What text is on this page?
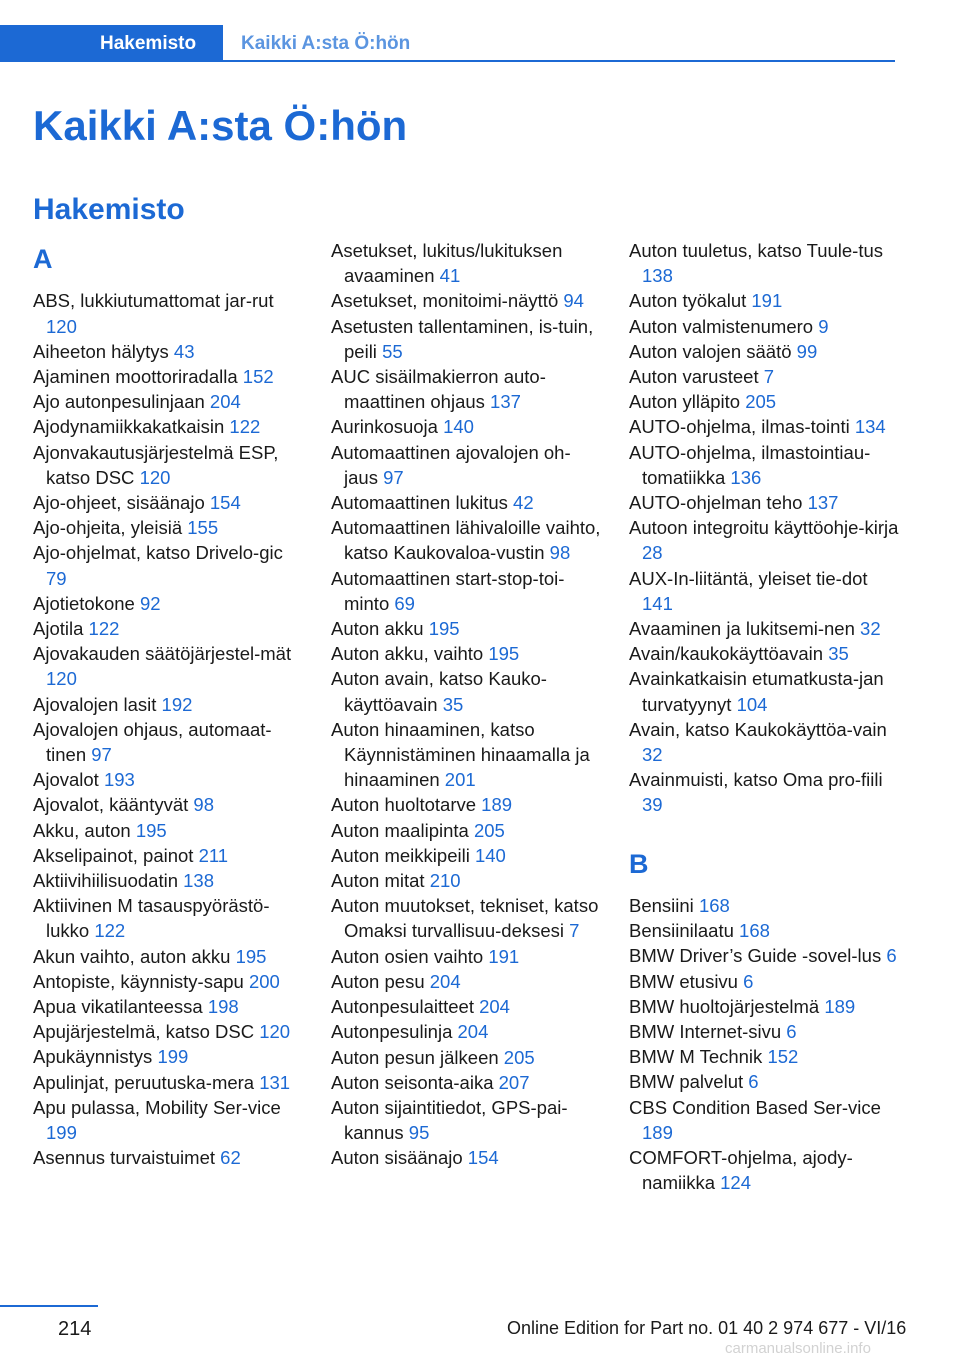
Hakemisto	Kaikki A:sta Ö:hön
Kaikki A:sta Ö:hön
Hakemisto
A
ABS, lukkiutumattomat jar-rut 120
Aiheeton hälytys 43
Ajaminen moottoriradalla 152
Ajo autonpesulinjaan 204
Ajodynamiikkakatkaisin 122
Ajonvakautusjärjestelmä ESP, katso DSC 120
Ajo-ohjeet, sisäänajo 154
Ajo-ohjeita, yleisiä 155
Ajo-ohjelmat, katso Drivelo-gic 79
Ajotietokone 92
Ajotila 122
Ajovakauden säätöjärjestel-mät 120
Ajovalojen lasit 192
Ajovalojen ohjaus, automaat-tinen 97
Ajovalot 193
Ajovalot, kääntyvät 98
Akku, auton 195
Akselipainot, painot 211
Aktiivihiilisuodatin 138
Aktiivinen M tasauspyörästö-lukko 122
Akun vaihto, auton akku 195
Antopiste, käynnisty-sapu 200
Apua vikatilanteessa 198
Apujärjestelmä, katso DSC 120
Apukäynnistys 199
Apulinjat, peruutuska-mera 131
Apu pulassa, Mobility Ser-vice 199
Asennus turvaistuimet 62
Asetukset, lukitus/lukituksen avaaminen 41
Asetukset, monitoimi-näyttö 94
Asetusten tallentaminen, is-tuin, peili 55
AUC sisäilmakierron auto-maattinen ohjaus 137
Aurinkosuoja 140
Automaattinen ajovalojen oh-jaus 97
Automaattinen lukitus 42
Automaattinen lähivaloille vaihto, katso Kaukovaloa-vustin 98
Automaattinen start-stop-toi-minto 69
Auton akku 195
Auton akku, vaihto 195
Auton avain, katso Kauko-käyttöavain 35
Auton hinaaminen, katso Käynnistäminen hinaamalla ja hinaaminen 201
Auton huoltotarve 189
Auton maalipinta 205
Auton meikkipeili 140
Auton mitat 210
Auton muutokset, tekniset, katso Omaksi turvallisuu-deksesi 7
Auton osien vaihto 191
Auton pesu 204
Autonpesulaitteet 204
Autonpesulinja 204
Auton pesun jälkeen 205
Auton seisonta-aika 207
Auton sijaintitiedot, GPS-pai-kannus 95
Auton sisäänajo 154
Auton tuuletus, katso Tuule-tus 138
Auton työkalut 191
Auton valmistenumero 9
Auton valojen säätö 99
Auton varusteet 7
Auton ylläpito 205
AUTO-ohjelma, ilmas-tointi 134
AUTO-ohjelma, ilmastointiau-tomatiikka 136
AUTO-ohjelman teho 137
Autoon integroitu käyttöohje-kirja 28
AUX-In-liitäntä, yleiset tie-dot 141
Avaaminen ja lukitsemi-nen 32
Avain/kaukokäyttöavain 35
Avainkatkaisin etumatkusta-jan turvatyynyt 104
Avain, katso Kaukokäyttöa-vain 32
Avainmuisti, katso Oma pro-fiili 39
B
Bensiini 168
Bensiinilaatu 168
BMW Driver’s Guide -sovel-lus 6
BMW etusivu 6
BMW huoltojärjestelmä 189
BMW Internet-sivu 6
BMW M Technik 152
BMW palvelut 6
CBS Condition Based Ser-vice 189
COMFORT-ohjelma, ajody-namiikka 124
214	Online Edition for Part no. 01 40 2 974 677 - VI/16
carmanualsonline.info
